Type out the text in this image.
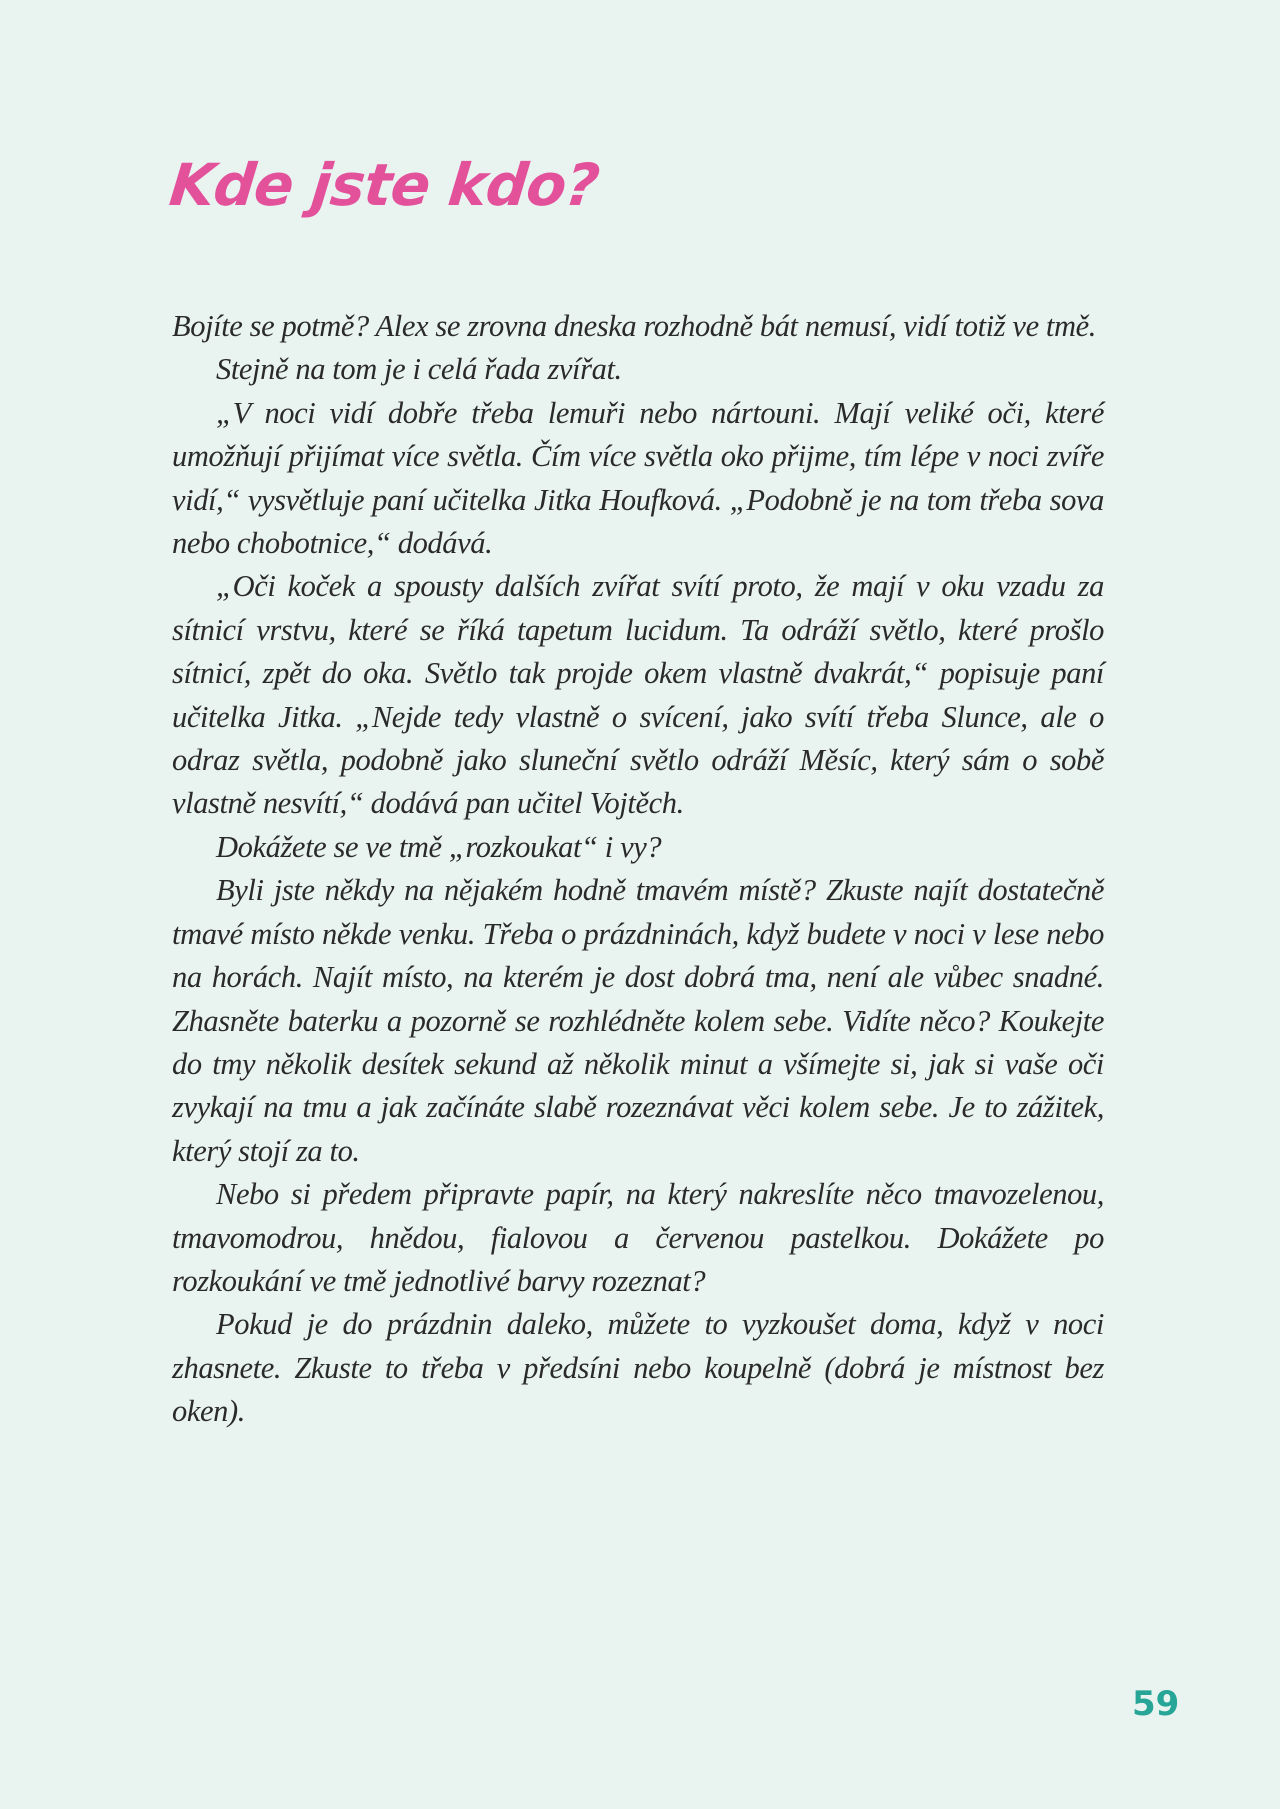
Kde jste kdo?

Bojíte se potmě? Alex se zrovna dneska rozhodně bát nemusí, vidí totiž ve tmě.

Stejně na tom je i celá řada zvířat.

„V noci vidí dobře třeba lemuři nebo nártouni. Mají veliké oči, které umožňují přijímat více světla. Čím více světla oko přijme, tím lépe v noci zvíře vidí,“ vysvětluje paní učitelka Jitka Houfková. „Podobně je na tom třeba sova nebo chobotnice,“ dodává.

„Oči koček a spousty dalších zvířat svítí proto, že mají v oku vzadu za sítnicí vrstvu, které se říká tapetum lucidum. Ta odráží světlo, které prošlo sítnicí, zpět do oka. Světlo tak projde okem vlastně dvakrát,“ popisuje paní učitelka Jitka. „Nejde tedy vlastně o svícení, jako svítí třeba Slunce, ale o odraz světla, podobně jako sluneční světlo odráží Měsíc, který sám o sobě vlastně nesvítí,“ dodává pan učitel Vojtěch.

Dokážete se ve tmě „rozkoukat“ i vy?

Byli jste někdy na nějakém hodně tmavém místě? Zkuste najít dostatečně tmavé místo někde venku. Třeba o prázdninách, když budete v noci v lese nebo na horách. Najít místo, na kterém je dost dobrá tma, není ale vůbec snadné. Zhasněte baterku a pozorně se rozhlédněte kolem sebe. Vidíte něco? Koukejte do tmy několik desítek sekund až několik minut a všímejte si, jak si vaše oči zvykají na tmu a jak začínáte slabě rozeznávat věci kolem sebe. Je to zážitek, který stojí za to.

Nebo si předem připravte papír, na který nakreslíte něco tmavozelenou, tmavomodrou, hnědou, fialovou a červenou pastelkou. Dokážete po rozkoukání ve tmě jednotlivé barvy rozeznat?

Pokud je do prázdnin daleko, můžete to vyzkoušet doma, když v noci zhasnete. Zkuste to třeba v předsíni nebo koupelně (dobrá je místnost bez oken).

59
